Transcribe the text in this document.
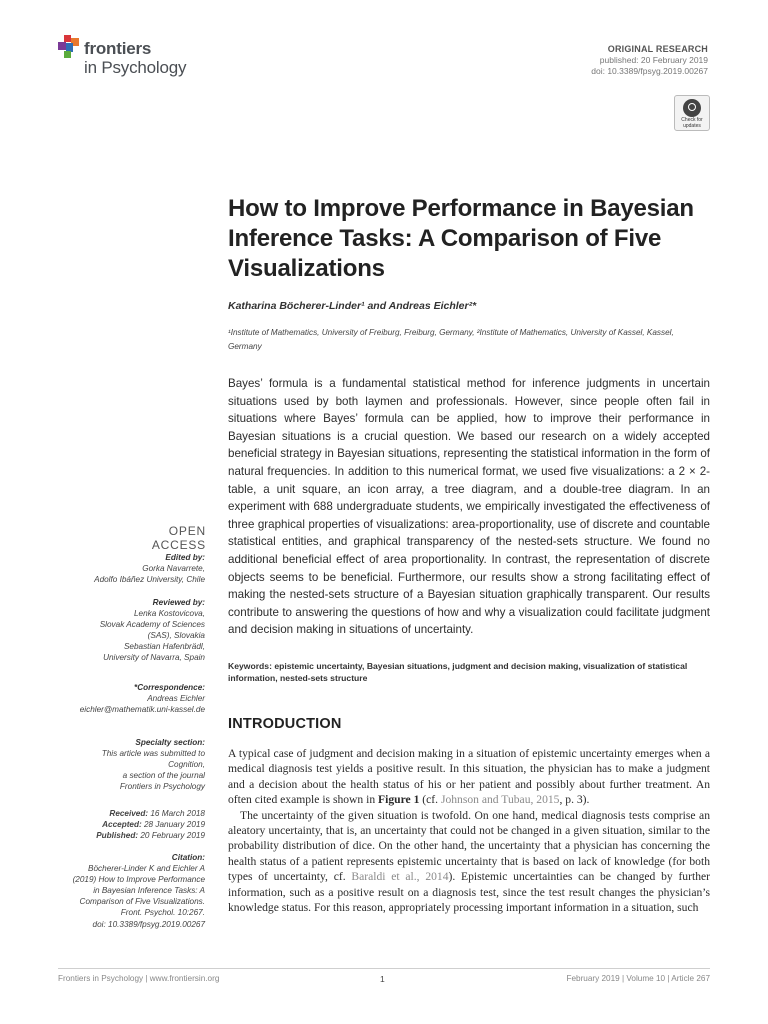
frontiers
in Psychology
ORIGINAL RESEARCH
published: 20 February 2019
doi: 10.3389/fpsyg.2019.00267
Check for
updates
How to Improve Performance in Bayesian Inference Tasks: A Comparison of Five Visualizations
Katharina Böcherer-Linder¹ and Andreas Eichler²*
¹Institute of Mathematics, University of Freiburg, Freiburg, Germany, ²Institute of Mathematics, University of Kassel, Kassel, Germany
Bayes’ formula is a fundamental statistical method for inference judgments in uncertain situations used by both laymen and professionals. However, since people often fail in situations where Bayes’ formula can be applied, how to improve their performance in Bayesian situations is a crucial question. We based our research on a widely accepted beneficial strategy in Bayesian situations, representing the statistical information in the form of natural frequencies. In addition to this numerical format, we used five visualizations: a 2 × 2-table, a unit square, an icon array, a tree diagram, and a double-tree diagram. In an experiment with 688 undergraduate students, we empirically investigated the effectiveness of three graphical properties of visualizations: area-proportionality, use of discrete and countable statistical entities, and graphical transparency of the nested-sets structure. We found no additional beneficial effect of area proportionality. In contrast, the representation of discrete objects seems to be beneficial. Furthermore, our results show a strong facilitating effect of making the nested-sets structure of a Bayesian situation graphically transparent. Our results contribute to answering the questions of how and why a visualization could facilitate judgment and decision making in situations of uncertainty.
Keywords: epistemic uncertainty, Bayesian situations, judgment and decision making, visualization of statistical information, nested-sets structure
INTRODUCTION

A typical case of judgment and decision making in a situation of epistemic uncertainty emerges when a medical diagnosis test yields a positive result. In this situation, the physician has to make a judgment and a decision about the health status of his or her patient and possibly about further treatment. An often cited example is shown in Figure 1 (cf. Johnson and Tubau, 2015, p. 3).

The uncertainty of the given situation is twofold. On one hand, medical diagnosis tests comprise an aleatory uncertainty, that is, an uncertainty that could not be changed in a given situation, similar to the probability distribution of dice. On the other hand, the uncertainty that a physician has concerning the health status of a patient represents epistemic uncertainty that is based on lack of knowledge (for both types of uncertainty, cf. Baraldi et al., 2014). Epistemic uncertainties can be changed by further information, such as a positive result on a diagnosis test, since the test result changes the physician’s knowledge status. For this reason, appropriately processing important information in a situation, such

OPEN ACCESS
Edited by:
Gorka Navarrete,
Adolfo Ibáñez University, Chile
Reviewed by:
Lenka Kostovicova,
Slovak Academy of Sciences
(SAS), Slovakia
Sebastian Hafenbrädl,
University of Navarra, Spain
*Correspondence:
Andreas Eichler
eichler@mathematik.uni-kassel.de
Specialty section:
This article was submitted to
Cognition,
a section of the journal
Frontiers in Psychology
Received: 16 March 2018
Accepted: 28 January 2019
Published: 20 February 2019
Citation:
Böcherer-Linder K and Eichler A
(2019) How to Improve Performance
in Bayesian Inference Tasks: A
Comparison of Five Visualizations.
Front. Psychol. 10:267.
doi: 10.3389/fpsyg.2019.00267
Frontiers in Psychology | www.frontiersin.org	1	February 2019 | Volume 10 | Article 267
